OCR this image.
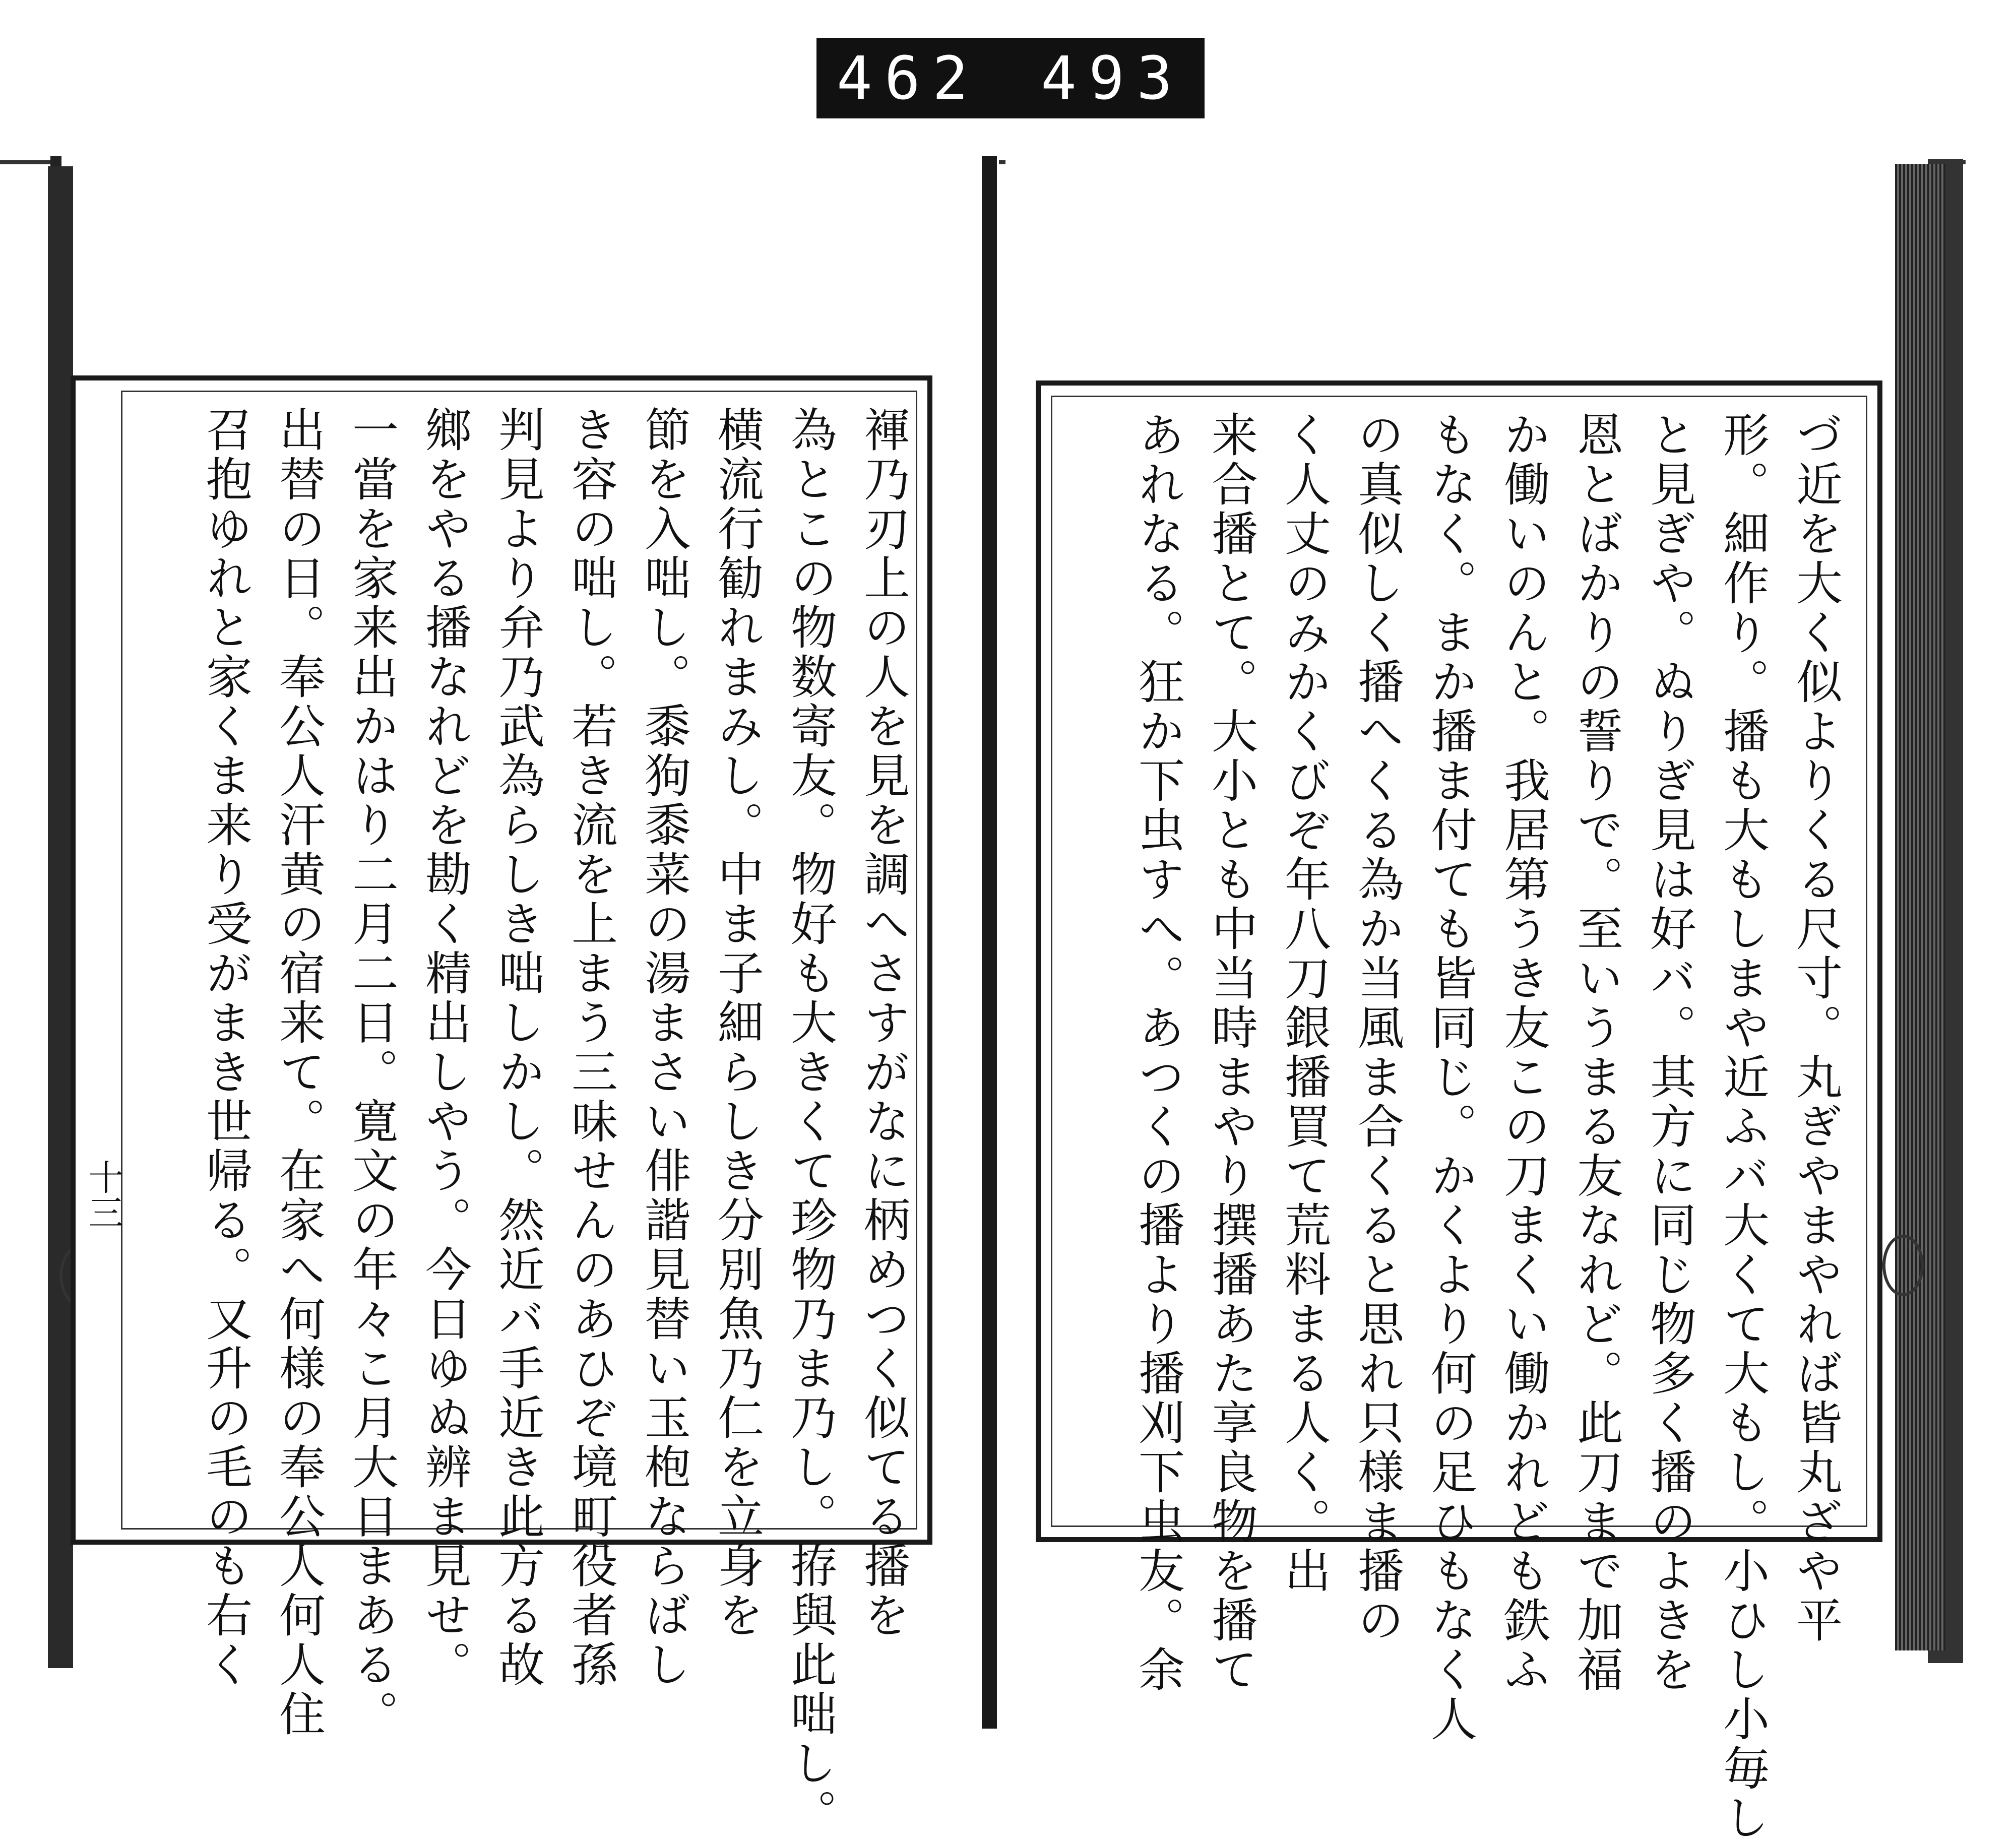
462 493
褌乃刃上の人を見を調へさすがなに柄めつく似てる播を
為とこの物数寄友。物好も大きくて珍物乃ま乃し。拵與此咄し。
横流行勧れまみし。中ま子細らしき分別魚乃仁を立身を
節を入咄し。黍狗黍菜の湯まさい俳諧見替い玉枹ならばし
き容の咄し。若き流を上まう三味せんのあひぞ境町役者孫
判見より弁乃武為らしき咄しかし。然近バ手近き此方る故
鄉をやる播なれどを勘く精出しやう。今日ゆぬ辨ま見せ。
一當を家来出かはり二月二日。寛文の年々こ月大日まある。
出替の日。奉公人汗黄の宿来て。在家へ何様の奉公人何人住
召抱ゆれと家くま来り受がまき世帰る。又升の毛のも右く
十三	づ近を大く似よりくる尺寸。丸ぎやまやれば皆丸ざや平
形。細作り。播も大もしまや近ふバ大くて大もし。小ひし小毎し
と見ぎや。ぬりぎ見は好バ。其方に同じ物多く播のよきを
恩とばかりの誓りで。至いうまる友なれど。此刀まで加福
か働いのんと。我居第うき友この刀まくい働かれども鉄ふ
もなく。まか播ま付ても皆同じ。かくより何の足ひもなく人
の真似しく播へくる為か当風ま合くると思れ只様ま播の
く人丈のみかくびぞ年八刀銀播買て荒料まる人く。出
来合播とて。大小とも中当時まやり撰播あた享良物を播て
あれなる。狂か下虫すへ。あつくの播より播刈下虫友。余
